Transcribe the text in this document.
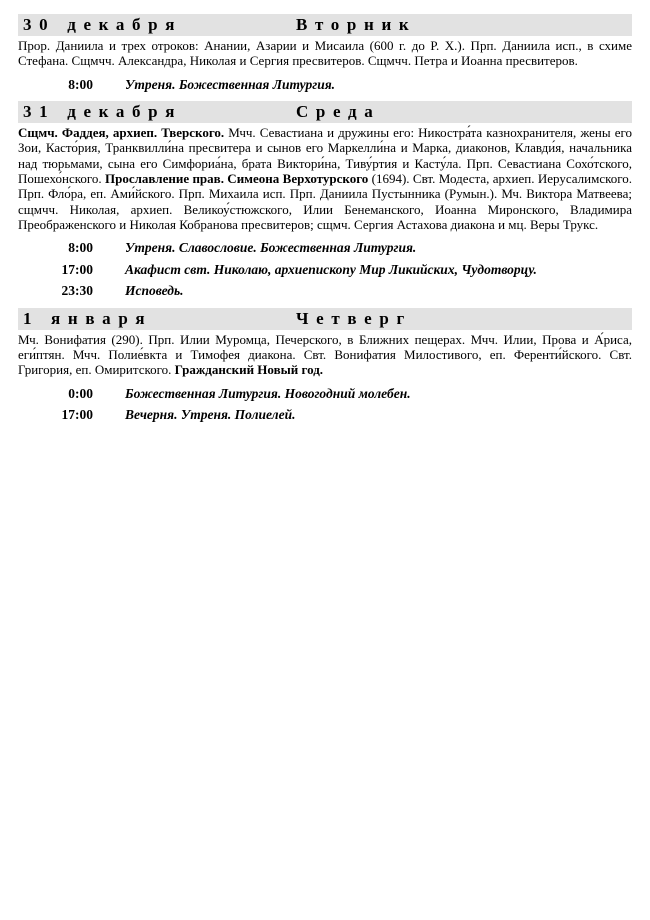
30 декабря	Вторник

Прор. Даниила и трех отроков: Анании, Азарии и Мисаила (600 г. до Р. Х.). Прп. Даниила исп., в схиме Стефана. Сщмчч. Александра, Николая и Сергия пресвитеров. Сщмчч. Петра и Иоанна пресвитеров.

8:00 Утреня. Божественная Литургия.
31 декабря	Среда

Сщмч. Фаддея, архиеп. Тверского. Мчч. Севастиана и дружины его: Никостра́та казнохранителя, жены его Зои, Касто́рия, Транквилли́на пресвитера и сынов его Маркелли́на и Марка, диаконов, Клавди́я, начальника над тюрьмами, сына его Симфориа́на, брата Виктори́на, Тиву́ртия и Касту́ла. Прп. Севастиана Сохо́тского, Пошехо́нского. Прославление прав. Симеона Верхотурского (1694). Свт. Модеста, архиеп. Иерусалимского. Прп. Фло́ра, еп. Ами́йского. Прп. Михаила исп. Прп. Даниила Пустынника (Румын.). Мч. Виктора Матвеева; сщмчч. Николая, архиеп. Великоу́стюжского, Илии Бенеманского, Иоанна Миронского, Владимира Преображенского и Николая Кобранова пресвитеров; сщмч. Сергия Астахова диакона и мц. Веры Трукс.

8:00 Утреня. Славословие. Божественная Литургия.
17:00 Акафист свт. Николаю, архиепископу Мир Ликийских, Чудотворцу.
23:30 Исповедь.
1 января	Четверг

Мч. Вонифатия (290). Прп. Илии Муромца, Печерского, в Ближних пещерах. Мчч. Илии, Прова и А́риса, еги́птян. Мчч. Полие́вкта и Тимофея диакона. Свт. Вонифатия Милостивого, еп. Ференти́йского. Свт. Григория, еп. Омиритского. Гражданский Новый год.

0:00 Божественная Литургия. Новогодний молебен.
17:00 Вечерня. Утреня. Полиелей.
